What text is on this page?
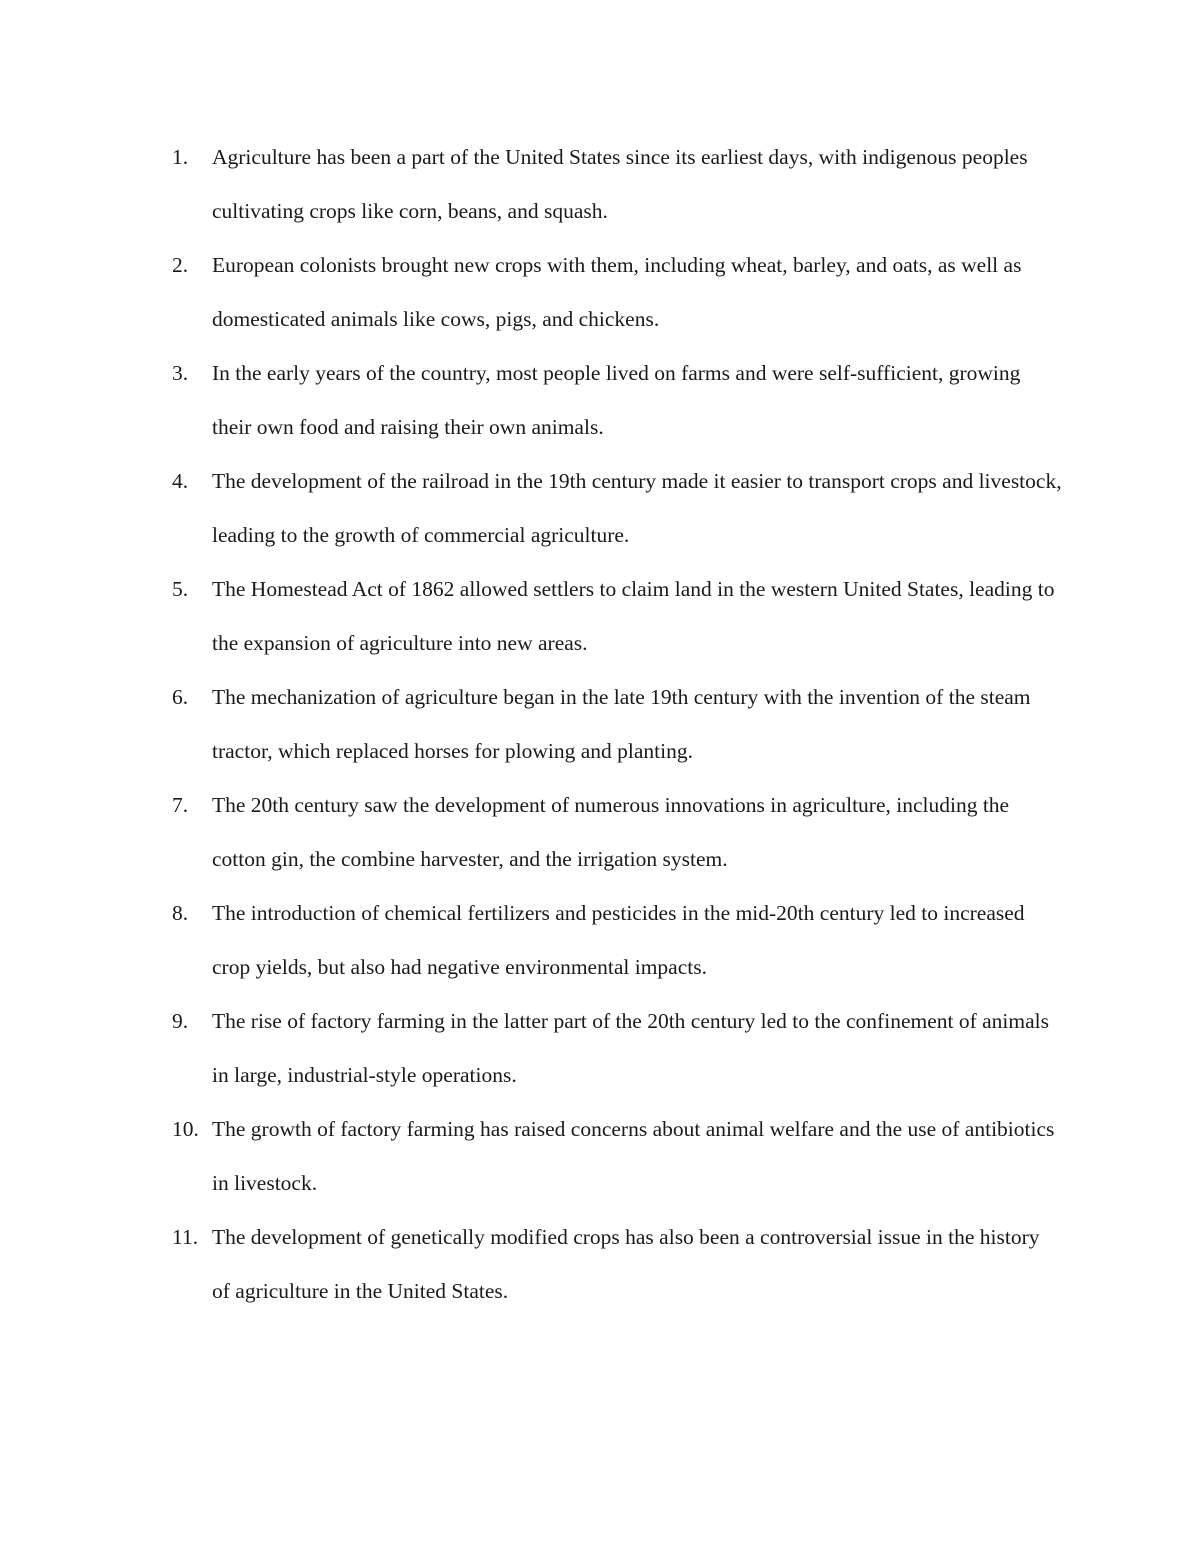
1.	Agriculture has been a part of the United States since its earliest days, with indigenous peoples cultivating crops like corn, beans, and squash.
2.	European colonists brought new crops with them, including wheat, barley, and oats, as well as domesticated animals like cows, pigs, and chickens.
3.	In the early years of the country, most people lived on farms and were self-sufficient, growing their own food and raising their own animals.
4.	The development of the railroad in the 19th century made it easier to transport crops and livestock, leading to the growth of commercial agriculture.
5.	The Homestead Act of 1862 allowed settlers to claim land in the western United States, leading to the expansion of agriculture into new areas.
6.	The mechanization of agriculture began in the late 19th century with the invention of the steam tractor, which replaced horses for plowing and planting.
7.	The 20th century saw the development of numerous innovations in agriculture, including the cotton gin, the combine harvester, and the irrigation system.
8.	The introduction of chemical fertilizers and pesticides in the mid-20th century led to increased crop yields, but also had negative environmental impacts.
9.	The rise of factory farming in the latter part of the 20th century led to the confinement of animals in large, industrial-style operations.
10. The growth of factory farming has raised concerns about animal welfare and the use of antibiotics in livestock.
11. The development of genetically modified crops has also been a controversial issue in the history of agriculture in the United States.
